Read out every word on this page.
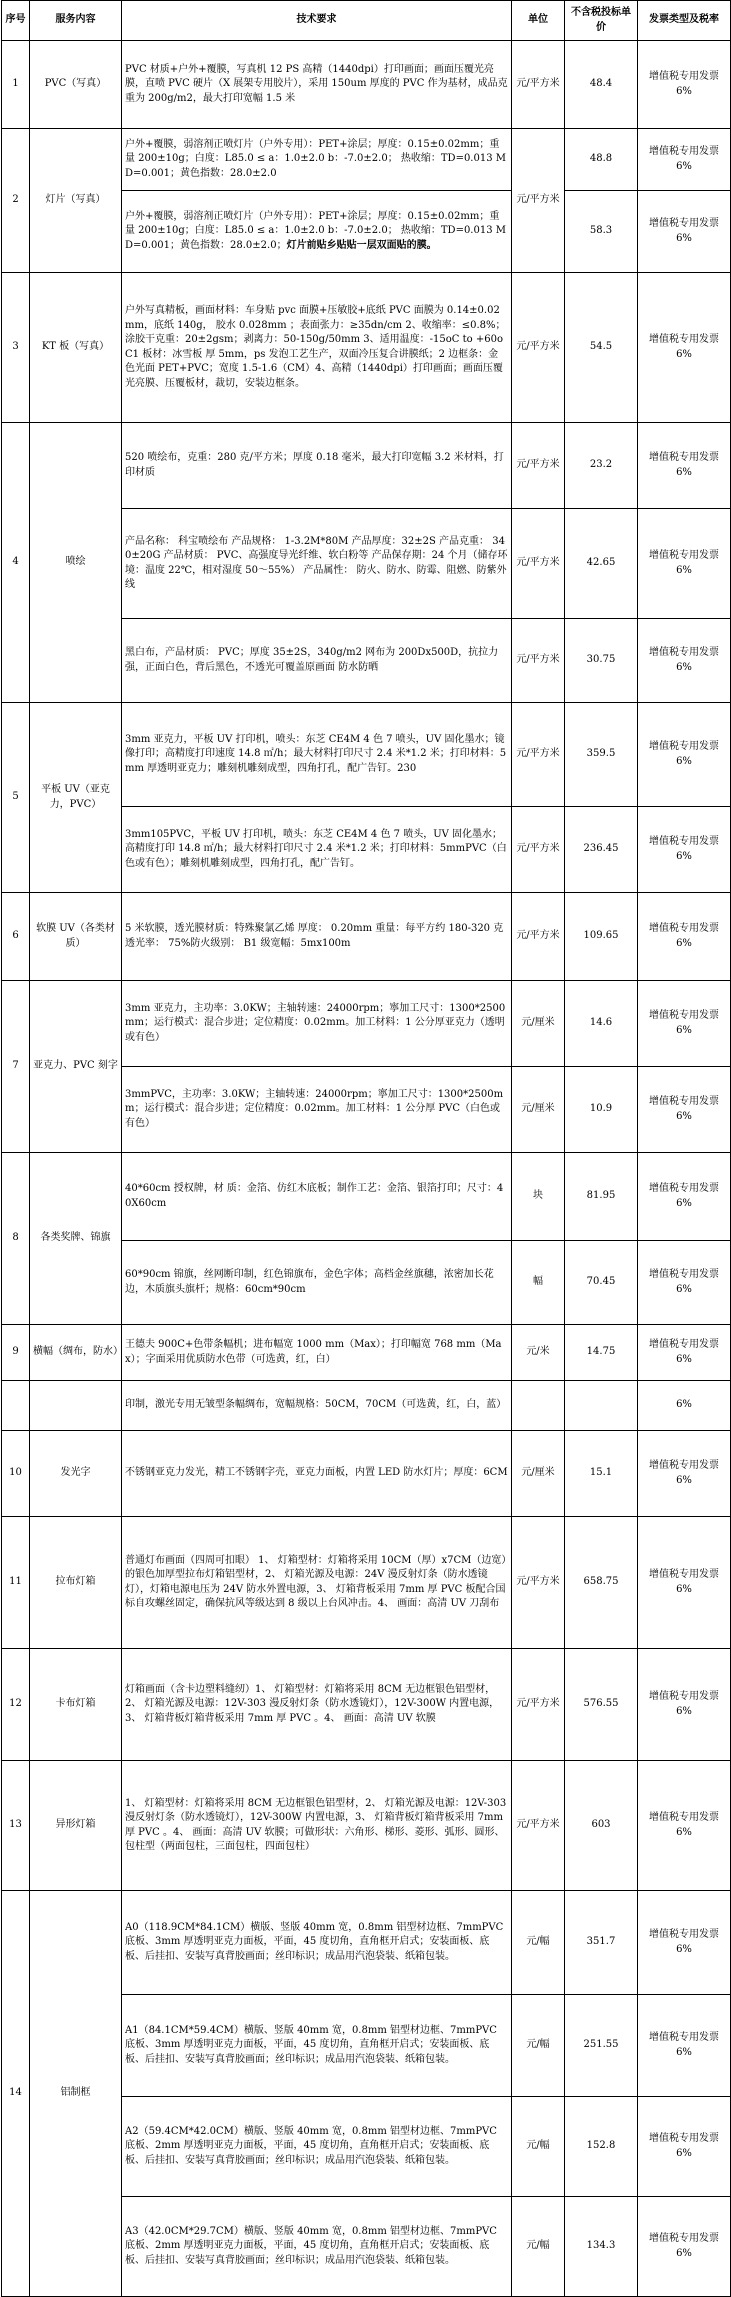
序号	服务内容	技术要求	单位	不含税投标单价	发票类型及税率
1	PVC（写真）	PVC 材质+户外+覆膜，写真机 12 PS 高精（1440dpi）打印画面；画面压覆光亮膜，直喷 PVC 硬片（X 展架专用胶片），采用 150um 厚度的 PVC 作为基材，成品克重为 200g/m2，最大打印宽幅 1.5 米	元/平方米	48.4	增值税专用发票 6%
2	灯片（写真）	户外+覆膜，弱溶剂正喷灯片（户外专用）：PET+涂层；厚度：0.15±0.02mm；重量 200±10g；白度：L85.0 ≤ a：1.0±2.0 b：-7.0±2.0； 热收缩：TD=0.013 MD=0.001；黄色指数：28.0±2.0	元/平方米	48.8	增值税专用发票 6%
		户外+覆膜，弱溶剂正喷灯片（户外专用）：PET+涂层；厚度：0.15±0.02mm；重量 200±10g；白度：L85.0 ≤ a：1.0±2.0 b：-7.0±2.0； 热收缩：TD=0.013 MD=0.001；黄色指数：28.0±2.0；灯片前贴乡贴贴一层双面贴的膜。		58.3	增值税专用发票 6%
3	KT 板（写真）	户外写真精板，画面材料：车身贴 pvc 面膜+压敏胶+底纸 PVC 面膜为 0.14±0.02mm，底纸 140g， 胶水 0.028mm ；表面张力：≥35dn/cm 2、收缩率：≤0.8%； 涂胶干克重：20±2gsm；剥离力：50-150g/50mm 3、适用温度：-15oC to +60oC1 板材：冰雪板 厚 5mm，ps 发泡工艺生产，双面冷压复合讲膜纸；2 边框条：金色光面 PET+PVC；宽度 1.5-1.6（CM）4、高精（1440dpi）打印画面；画面压覆光亮膜、压覆板材，裁切，安装边框条。	元/平方米	54.5	增值税专用发票 6%
4	喷绘	520 喷绘布，克重：280 克/平方米；厚度 0.18 毫米，最大打印宽幅 3.2 米材料，打印材质	元/平方米	23.2	增值税专用发票 6%
		产品名称： 科宝喷绘布 产品规格： 1-3.2M*80M 产品厚度：32±2S 产品克重： 340±20G 产品材质： PVC、高强度导光纤维、软白粉等 产品保存期：24 个月（储存环境：温度 22℃，相对湿度 50～55%） 产品属性： 防火、防水、防霉、阻燃、防紫外线	元/平方米	42.65	增值税专用发票 6%
		黑白布，产品材质： PVC；厚度 35±2S，340g/m2 网布为 200Dx500D，抗拉力强，正面白色，背后黑色，不透光可覆盖原画面 防水防晒	元/平方米	30.75	增值税专用发票 6%
5	平板 UV（亚克力，PVC）	3mm 亚克力，平板 UV 打印机，喷头：东芝 CE4M 4 色 7 喷头，UV 固化墨水；镜像打印；高精度打印速度 14.8 ㎡/h；最大材料打印尺寸 2.4 米*1.2 米；打印材料：5mm 厚透明亚克力；雕刻机雕刻成型，四角打孔，配广告钉。230	元/平方米	359.5	增值税专用发票 6%
		3mm105PVC，平板 UV 打印机，喷头：东芝 CE4M 4 色 7 喷头，UV 固化墨水；高精度打印 14.8 ㎡/h；最大材料打印尺寸 2.4 米*1.2 米；打印材料：5mmPVC（白色或有色）；雕刻机雕刻成型，四角打孔，配广告钉。	元/平方米	236.45	增值税专用发票 6%
6	软膜 UV（各类材质）	5 米软膜，透光膜材质：特殊聚氯乙烯 厚度： 0.20mm 重量：每平方约 180-320 克透光率： 75%防火级别： B1 级宽幅：5mx100m	元/平方米	109.65	增值税专用发票 6%
7	亚克力、PVC 刻字	3mm 亚克力，主功率：3.0KW；主轴转速：24000rpm；寧加工尺寸：1300*2500mm；运行模式：混合步进；定位精度：0.02mm。加工材料：1 公分厚亚克力（透明或有色）	元/厘米	14.6	增值税专用发票 6%
		3mmPVC，主功率：3.0KW；主轴转速：24000rpm；寧加工尺寸：1300*2500mm；运行模式：混合步进；定位精度：0.02mm。加工材料：1 公分厚 PVC（白色或有色）	元/厘米	10.9	增值税专用发票 6%
8	各类奖牌、锦旗	40*60cm 授权牌，材 质：金箔、仿红木底板；制作工艺：金箔、银箔打印；尺寸：40X60cm	块	81.95	增值税专用发票 6%
		60*90cm 锦旗，丝网断印制，红色锦旗布，金色字体；高档金丝旗穗，浓密加长花边，木质旗头旗杆；规格：60cm*90cm	幅	70.45	增值税专用发票 6%
9	横幅（绸布，防水）	王德夫 900C+色带条幅机；进布幅宽 1000 mm（Max）；打印幅宽 768 mm（Max）；字面采用优质防水色带（可选黄，红，白）	元/米	14.75	增值税专用发票 6%
		印制，激光专用无皱型条幅绸布，宽幅规格：50CM，70CM（可选黄，红，白，蓝）			6%
10	发光字	不锈钢亚克力发光，精工不锈钢字壳，亚克力面板，内置 LED 防水灯片；厚度：6CM	元/厘米	15.1	增值税专用发票 6%
11	拉布灯箱	普通灯布画面（四周可扣眼） 1、 灯箱型材：灯箱将采用 10CM（厚）x7CM（边宽）的银色加厚型拉布灯箱铝型材，2、 灯箱光源及电源：24V 漫反射灯条（防水透镜灯），灯箱电源电压为 24V 防水外置电源，3、 灯箱背板采用 7mm 厚 PVC 板配合国标自攻螺丝固定，确保抗风等级达到 8 级以上台风冲击。4、 画面：高清 UV 刀刮布	元/平方米	658.75	增值税专用发票 6%
12	卡布灯箱	灯箱画面（含卡边塑料缝纫）1、 灯箱型材：灯箱将采用 8CM 无边框银色铝型材，2、 灯箱光源及电源：12V-303 漫反射灯条（防水透镜灯），12V-300W 内置电源，3、 灯箱背板灯箱背板采用 7mm 厚 PVC 。4、 画面：高清 UV 软膜	元/平方米	576.55	增值税专用发票 6%
13	异形灯箱	1、 灯箱型材：灯箱将采用 8CM 无边框银色铝型材，2、 灯箱光源及电源：12V-303 漫反射灯条（防水透镜灯），12V-300W 内置电源，3、 灯箱背板灯箱背板采用 7mm 厚 PVC 。4、 画面：高清 UV 软膜；可做形状：六角形、梯形、菱形、弧形、圆形、包柱型（两面包柱，三面包柱，四面包柱）	元/平方米	603	增值税专用发票 6%
14	铝制框	A0（118.9CM*84.1CM）横版、竖版 40mm 宽，0.8mm 铝型材边框、7mmPVC 底板、3mm 厚透明亚克力面板，平面，45 度切角，直角框开启式；安装面板、底板、后挂扣、安装写真背胶画面；丝印标识；成品用汽泡袋装、纸箱包装。	元/幅	351.7	增值税专用发票 6%
		A1（84.1CM*59.4CM）横版、竖版 40mm 宽，0.8mm 铝型材边框、7mmPVC 底板、3mm 厚透明亚克力面板，平面，45 度切角，直角框开启式；安装面板、底板、后挂扣、安装写真背胶画面；丝印标识；成品用汽泡袋装、纸箱包装。	元/幅	251.55	增值税专用发票 6%
		A2（59.4CM*42.0CM）横版、竖版 40mm 宽，0.8mm 铝型材边框、7mmPVC 底板、2mm 厚透明亚克力面板，平面，45 度切角，直角框开启式；安装面板、底板、后挂扣、安装写真背胶画面；丝印标识；成品用汽泡袋装、纸箱包装。	元/幅	152.8	增值税专用发票 6%
		A3（42.0CM*29.7CM）横版、竖版 40mm 宽，0.8mm 铝型材边框、7mmPVC 底板、2mm 厚透明亚克力面板，平面，45 度切角，直角框开启式；安装面板、底板、后挂扣、安装写真背胶画面；丝印标识；成品用汽泡袋装、纸箱包装。	元/幅	134.3	增值税专用发票 6%
